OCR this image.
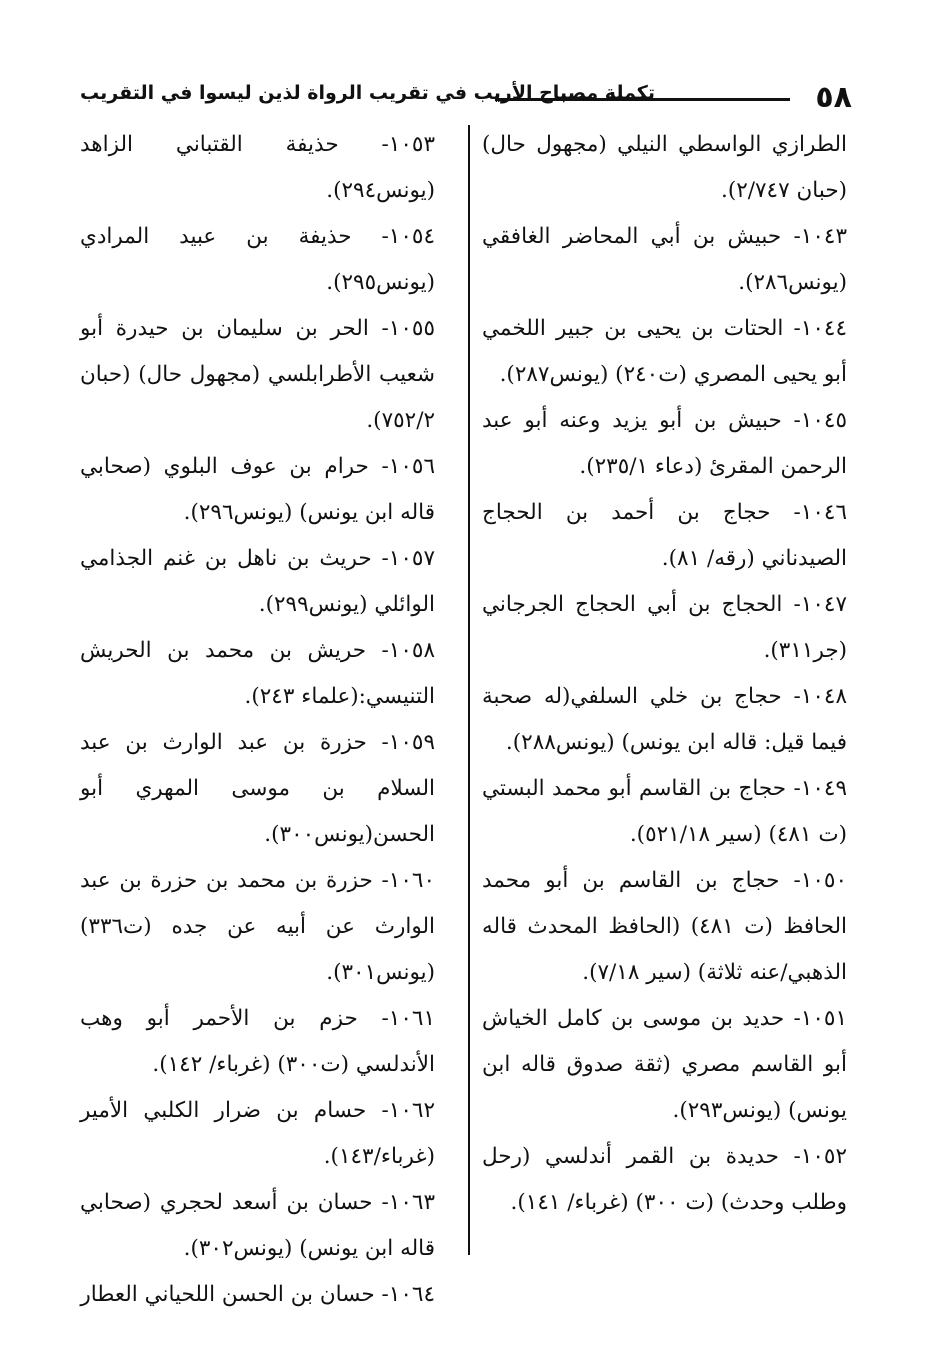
٥٨
تكملة مصباح الأريب في تقريب الرواة لذين ليسوا في التقريب

الطرازي الواسطي النيلي (مجهول حال) (حبان ٢/٧٤٧).

١٠٤٣- حبيش بن أبي المحاضر الغافقي (يونس٢٨٦).

١٠٤٤- الحتات بن يحيى بن جبير اللخمي أبو يحيى المصري (ت٢٤٠) (يونس٢٨٧).

١٠٤٥- حبيش بن أبو يزيد وعنه أبو عبد الرحمن المقرئ (دعاء ٢٣٥/١).

١٠٤٦- حجاج بن أحمد بن الحجاج الصيدناني (رقه/ ٨١).

١٠٤٧- الحجاج بن أبي الحجاج الجرجاني (جر٣١١).

١٠٤٨- حجاج بن خلي السلفي(له صحبة فيما قيل: قاله ابن يونس) (يونس٢٨٨).

١٠٤٩- حجاج بن القاسم أبو محمد البستي (ت ٤٨١) (سير ٥٢١/١٨).

١٠٥٠- حجاج بن القاسم بن أبو محمد الحافظ (ت ٤٨١) (الحافظ المحدث قاله الذهبي/عنه ثلاثة) (سير ٧/١٨).

١٠٥١- حديد بن موسى بن كامل الخياش أبو القاسم مصري (ثقة صدوق قاله ابن يونس) (يونس٢٩٣).

١٠٥٢- حديدة بن القمر أندلسي (رحل وطلب وحدث) (ت ٣٠٠) (غرباء/ ١٤١).

١٠٥٣- حذيفة القتباني الزاهد (يونس٢٩٤).

١٠٥٤- حذيفة بن عبيد المرادي (يونس٢٩٥).

١٠٥٥- الحر بن سليمان بن حيدرة أبو شعيب الأطرابلسي (مجهول حال) (حبان ٧٥٢/٢).

١٠٥٦- حرام بن عوف البلوي (صحابي قاله ابن يونس) (يونس٢٩٦).

١٠٥٧- حريث بن ناهل بن غنم الجذامي الوائلي (يونس٢٩٩).

١٠٥٨- حريش بن محمد بن الحريش التنيسي:(علماء ٢٤٣).

١٠٥٩- حزرة بن عبد الوارث بن عبد السلام بن موسى المهري أبو الحسن(يونس٣٠٠).

١٠٦٠- حزرة بن محمد بن حزرة بن عبد الوارث عن أبيه عن جده (ت٣٣٦) (يونس٣٠١).

١٠٦١- حزم بن الأحمر أبو وهب الأندلسي (ت٣٠٠) (غرباء/ ١٤٢).

١٠٦٢- حسام بن ضرار الكلبي الأمير (غرباء/١٤٣).

١٠٦٣- حسان بن أسعد لحجري (صحابي قاله ابن يونس) (يونس٣٠٢).

١٠٦٤- حسان بن الحسن اللحياني العطار
